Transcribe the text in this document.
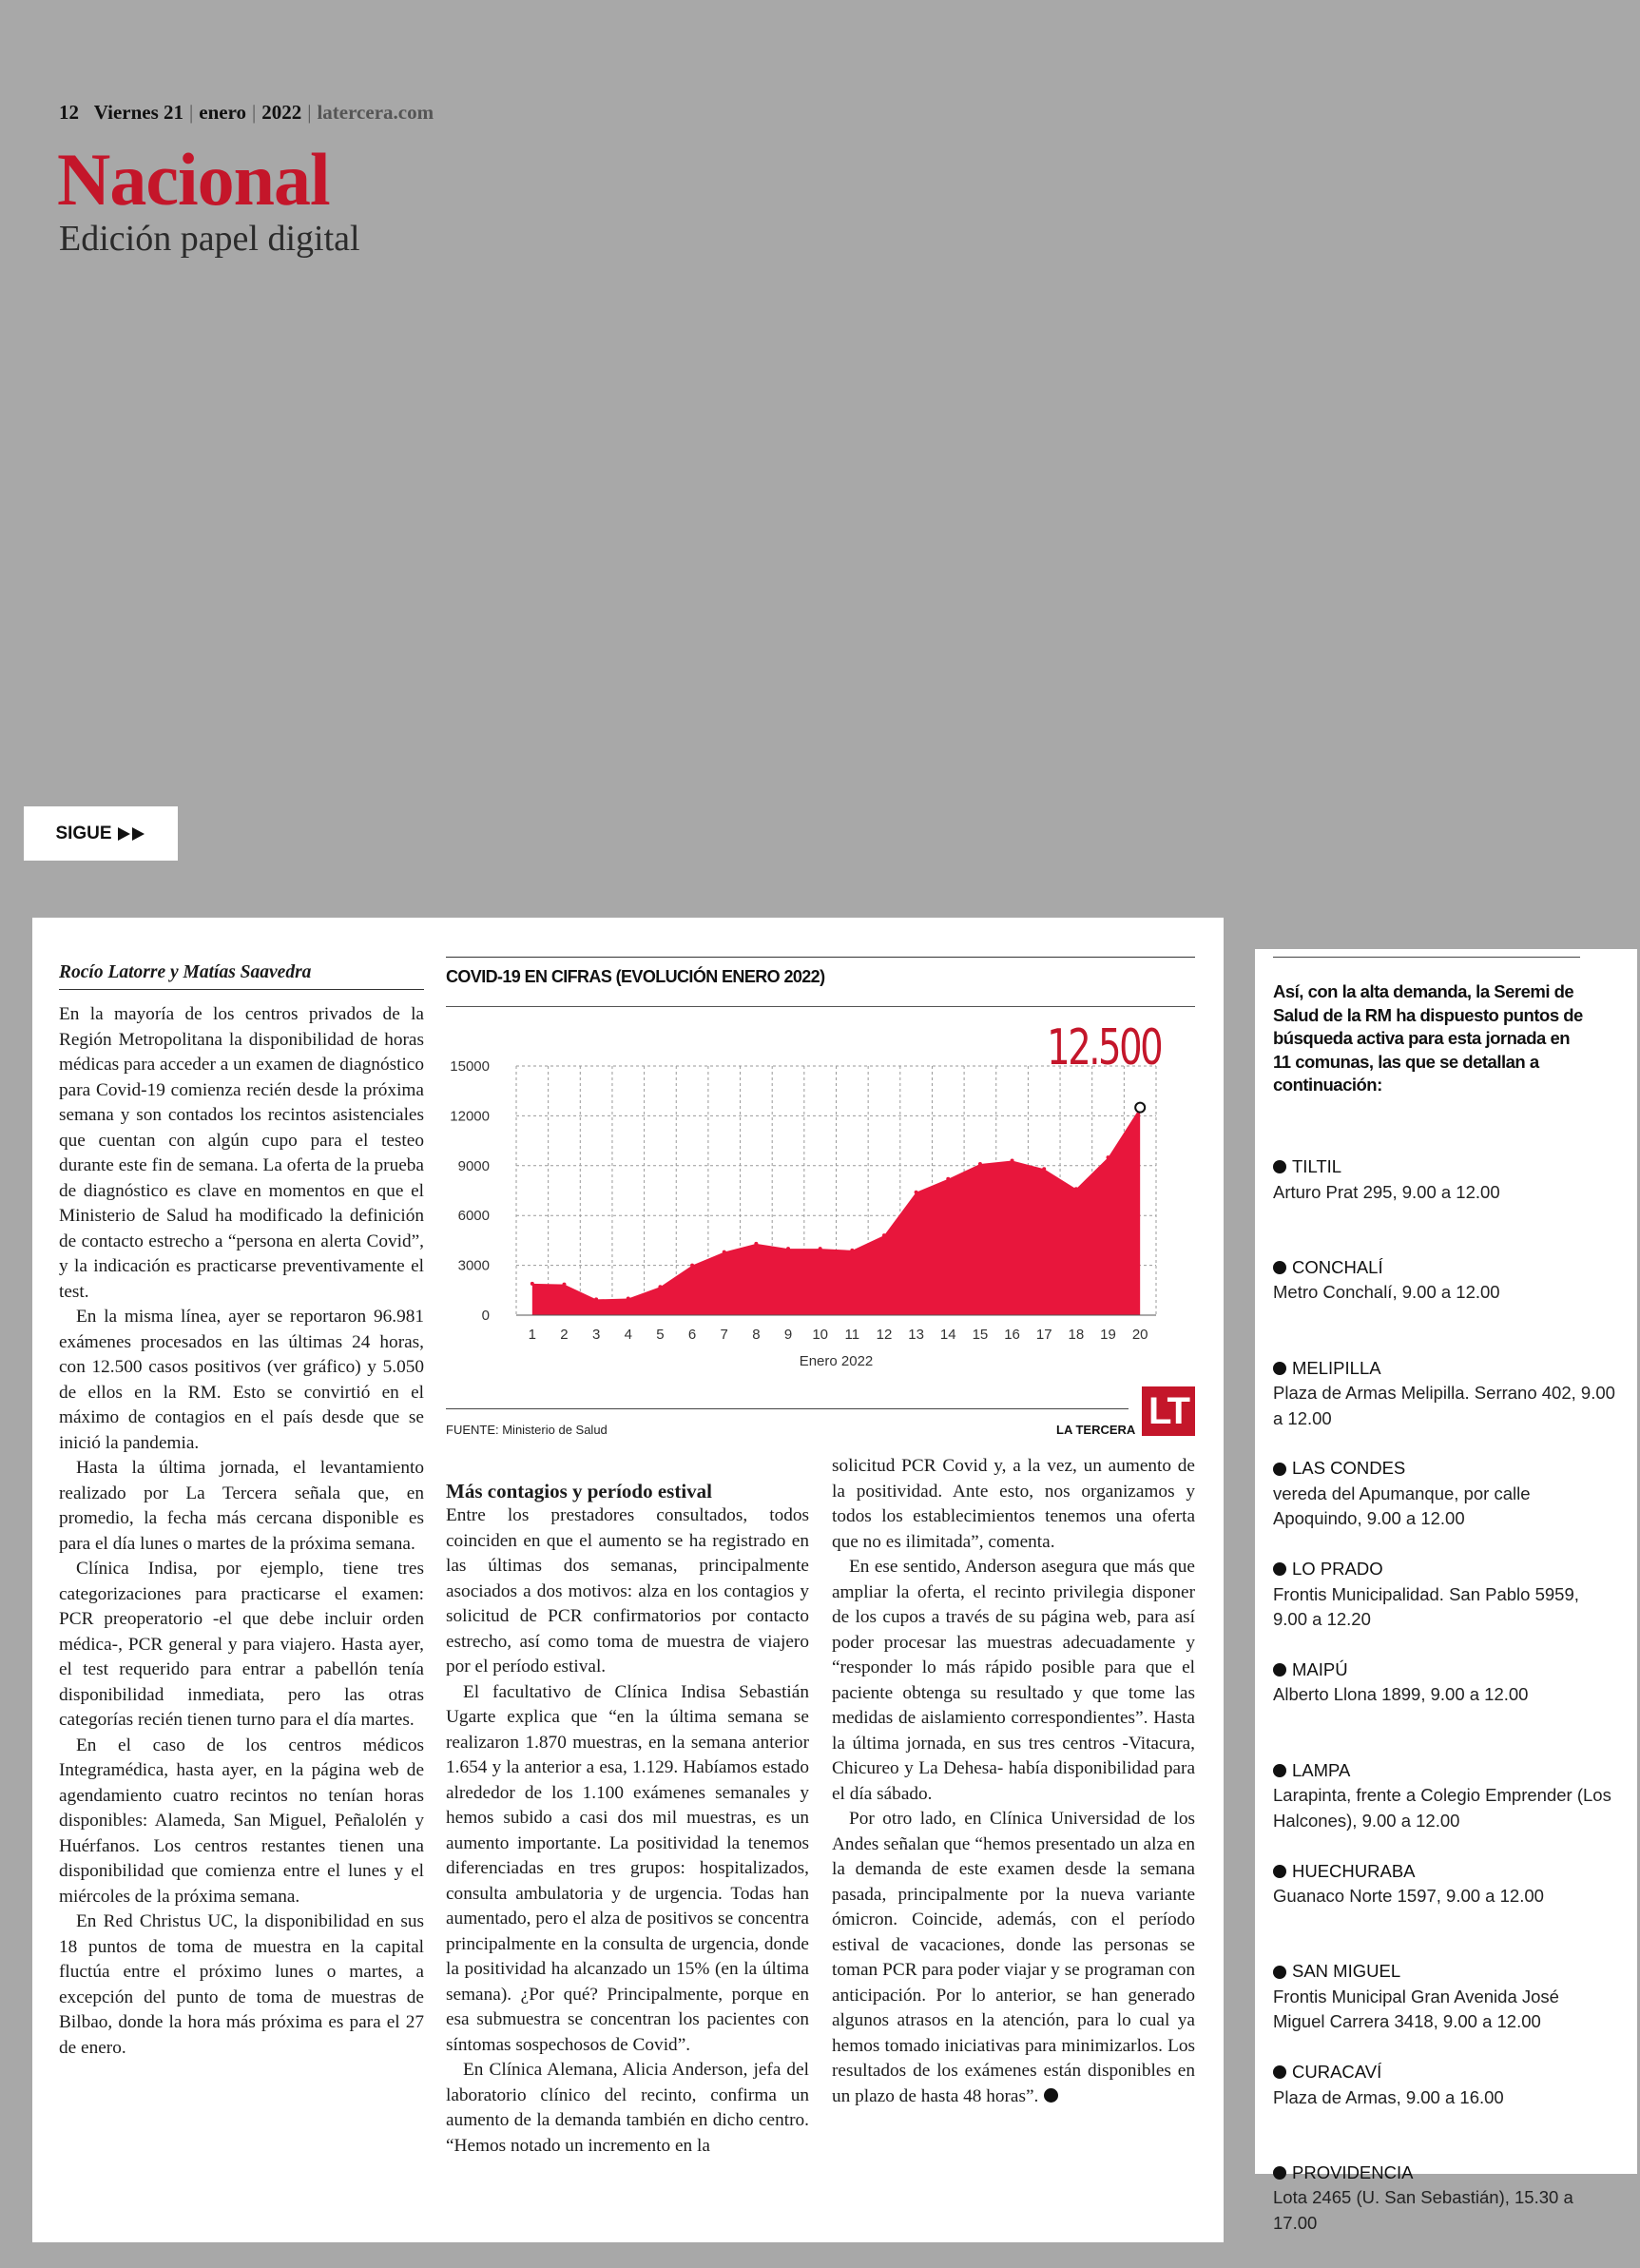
12 Viernes 21 | enero | 2022 | latercera.com
Nacional
Edición papel digital
SIGUE
Así, con la alta demanda, la Seremi de Salud de la RM ha dispuesto puntos de búsqueda activa para esta jornada en 11 comunas, las que se detallan a continuación:
TILTIL
Arturo Prat 295, 9.00 a 12.00
CONCHALÍ
Metro Conchalí, 9.00 a 12.00
MELIPILLA
Plaza de Armas Melipilla. Serrano 402, 9.00 a 12.00
LAS CONDES
vereda del Apumanque, por calle Apoquindo, 9.00 a 12.00
LO PRADO
Frontis Municipalidad. San Pablo 5959, 9.00 a 12.20
MAIPÚ
Alberto Llona 1899, 9.00 a 12.00
LAMPA
Larapinta, frente a Colegio Emprender (Los Halcones), 9.00 a 12.00
HUECHURABA
Guanaco Norte 1597, 9.00 a 12.00
SAN MIGUEL
Frontis Municipal Gran Avenida José Miguel Carrera 3418, 9.00 a 12.00
CURACAVÍ
Plaza de Armas, 9.00 a 16.00
PROVIDENCIA
Lota 2465 (U. San Sebastián), 15.30 a 17.00
Rocío Latorre y Matías Saavedra

En la mayoría de los centros privados de la Región Metropolitana la disponibilidad de horas médicas para acceder a un examen de diagnóstico para Covid-19 comienza recién desde la próxima semana y son contados los recintos asistenciales que cuentan con algún cupo para el testeo durante este fin de semana. La oferta de la prueba de diagnóstico es clave en momentos en que el Ministerio de Salud ha modificado la definición de contacto estrecho a “persona en alerta Covid”, y la indicación es practicarse preventivamente el test.

En la misma línea, ayer se reportaron 96.981 exámenes procesados en las últimas 24 horas, con 12.500 casos positivos (ver gráfico) y 5.050 de ellos en la RM. Esto se convirtió en el máximo de contagios en el país desde que se inició la pandemia.

Hasta la última jornada, el levantamiento realizado por La Tercera señala que, en promedio, la fecha más cercana disponible es para el día lunes o martes de la próxima semana.

Clínica Indisa, por ejemplo, tiene tres categorizaciones para practicarse el examen: PCR preoperatorio -el que debe incluir orden médica-, PCR general y para viajero. Hasta ayer, el test requerido para entrar a pabellón tenía disponibilidad inmediata, pero las otras categorías recién tienen turno para el día martes.

En el caso de los centros médicos Integramédica, hasta ayer, en la página web de agendamiento cuatro recintos no tenían horas disponibles: Alameda, San Miguel, Peñalolén y Huérfanos. Los centros restantes tienen una disponibilidad que comienza entre el lunes y el miércoles de la próxima semana.

En Red Christus UC, la disponibilidad en sus 18 puntos de toma de muestra en la capital fluctúa entre el próximo lunes o martes, a excepción del punto de toma de muestras de Bilbao, donde la hora más próxima es para el 27 de enero.

COVID-19 EN CIFRAS (EVOLUCIÓN ENERO 2022)
0
3000
6000
9000
12000
15000
1 2 3 4 5 6 7 8 9 10 11 12 13 14 15 16 17 18 19 20
Enero 2022
12.500
FUENTE: Ministerio de Salud	LA TERCERA LT
Más contagios y período estival

Entre los prestadores consultados, todos coinciden en que el aumento se ha registrado en las últimas dos semanas, principalmente asociados a dos motivos: alza en los contagios y solicitud de PCR confirmatorios por contacto estrecho, así como toma de muestra de viajero por el período estival.

El facultativo de Clínica Indisa Sebastián Ugarte explica que “en la última semana se realizaron 1.870 muestras, en la semana anterior 1.654 y la anterior a esa, 1.129. Habíamos estado alrededor de los 1.100 exámenes semanales y hemos subido a casi dos mil muestras, es un aumento importante. La positividad la tenemos diferenciadas en tres grupos: hospitalizados, consulta ambulatoria y de urgencia. Todas han aumentado, pero el alza de positivos se concentra principalmente en la consulta de urgencia, donde la positividad ha alcanzado un 15% (en la última semana). ¿Por qué? Principalmente, porque en esa submuestra se concentran los pacientes con síntomas sospechosos de Covid”.

En Clínica Alemana, Alicia Anderson, jefa del laboratorio clínico del recinto, confirma un aumento de la demanda también en dicho centro. “Hemos notado un incremento en la

solicitud PCR Covid y, a la vez, un aumento de la positividad. Ante esto, nos organizamos y todos los establecimientos tenemos una oferta que no es ilimitada”, comenta.

En ese sentido, Anderson asegura que más que ampliar la oferta, el recinto privilegia disponer de los cupos a través de su página web, para así poder procesar las muestras adecuadamente y “responder lo más rápido posible para que el paciente obtenga su resultado y que tome las medidas de aislamiento correspondientes”. Hasta la última jornada, en sus tres centros -Vitacura, Chicureo y La Dehesa- había disponibilidad para el día sábado.

Por otro lado, en Clínica Universidad de los Andes señalan que “hemos presentado un alza en la demanda de este examen desde la semana pasada, principalmente por la nueva variante ómicron. Coincide, además, con el período estival de vacaciones, donde las personas se toman PCR para poder viajar y se programan con anticipación. Por lo anterior, se han generado algunos atrasos en la atención, para lo cual ya hemos tomado iniciativas para minimizarlos. Los resultados de los exámenes están disponibles en un plazo de hasta 48 horas”.
